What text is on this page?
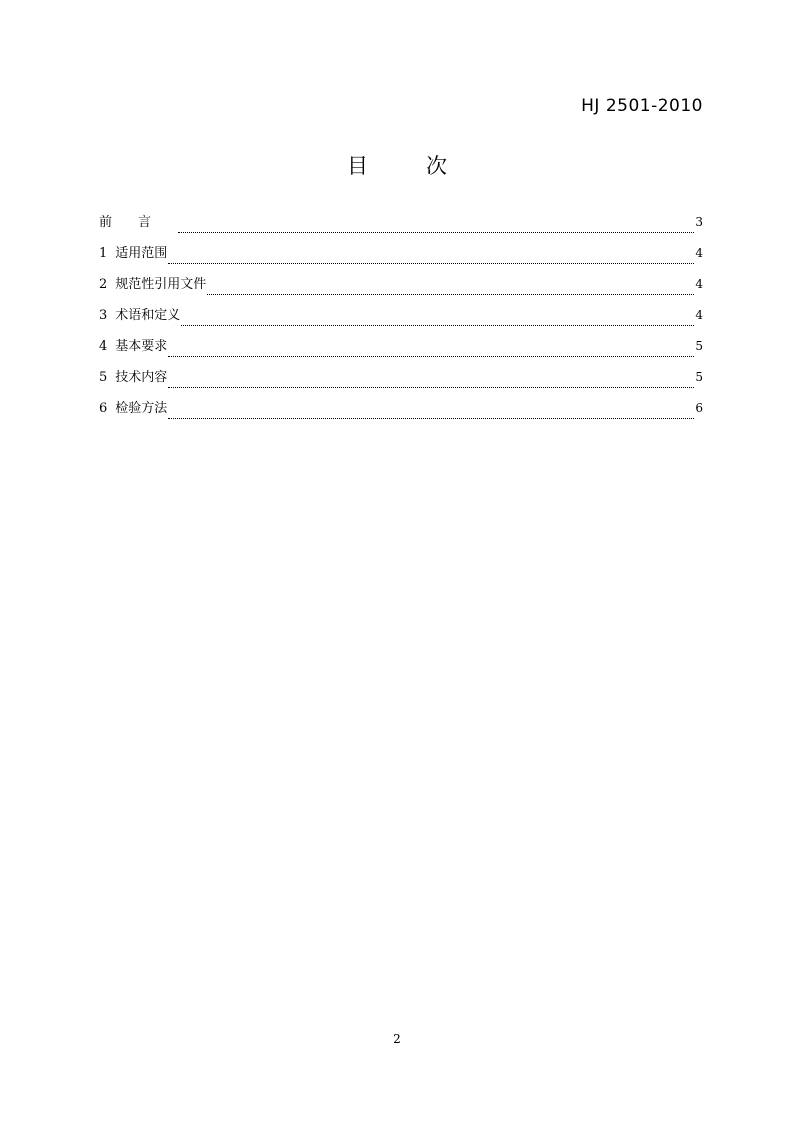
HJ 2501-2010
目	次
前言	3
1 适用范围	4
2 规范性引用文件	4
3 术语和定义	4
4 基本要求	5
5 技术内容	5
6 检验方法	6
2
